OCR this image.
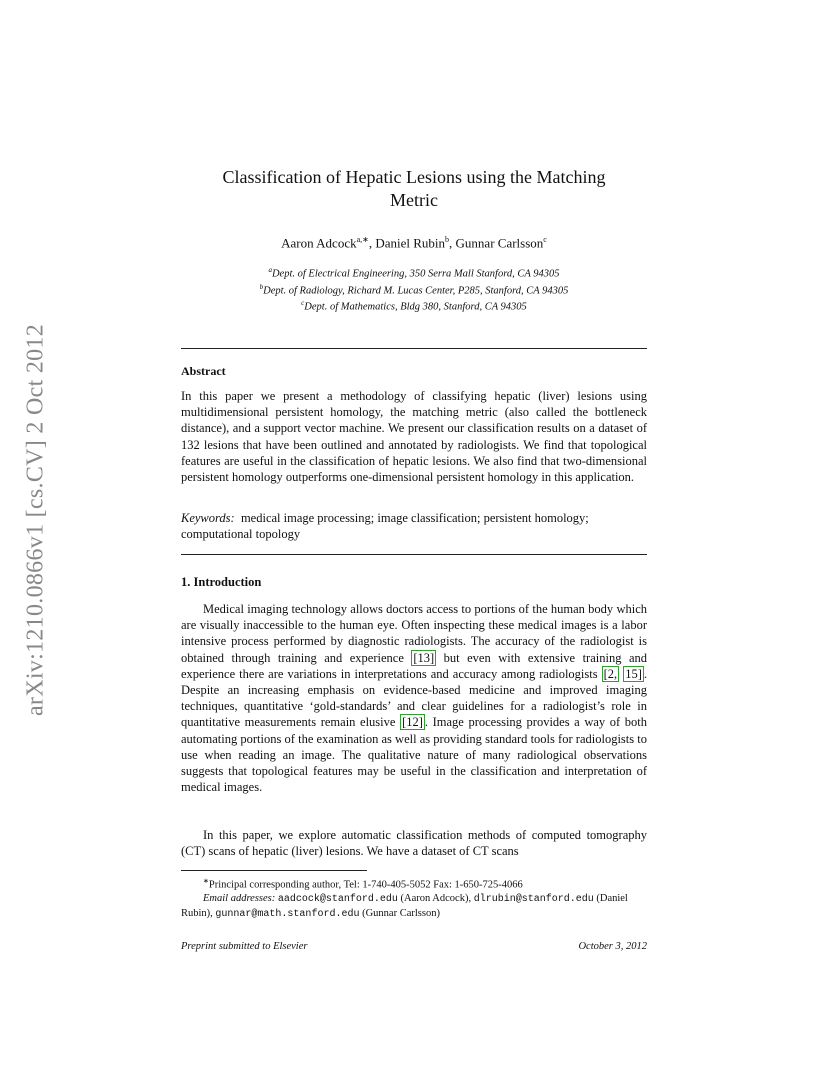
arXiv:1210.0866v1 [cs.CV] 2 Oct 2012
Classification of Hepatic Lesions using the Matching
Metric
Aaron Adcock$^{a,∗}$, Daniel Rubin$^b$, Gunnar Carlsson$^c$
$^a$Dept. of Electrical Engineering, 350 Serra Mall Stanford, CA 94305
$^b$Dept. of Radiology, Richard M. Lucas Center, P285, Stanford, CA 94305
$^c$Dept. of Mathematics, Bldg 380, Stanford, CA 94305
Abstract
In this paper we present a methodology of classifying hepatic (liver) lesions using multidimensional persistent homology, the matching metric (also called the bottleneck distance), and a support vector machine. We present our classification results on a dataset of 132 lesions that have been outlined and annotated by radiologists. We find that topological features are useful in the classification of hepatic lesions. We also find that two-dimensional persistent homology outperforms one-dimensional persistent homology in this application.
Keywords: medical image processing; image classification; persistent homology; computational topology
1. Introduction
Medical imaging technology allows doctors access to portions of the human body which are visually inaccessible to the human eye. Often inspecting these medical images is a labor intensive process performed by diagnostic radiologists. The accuracy of the radiologist is obtained through training and experience [13] but even with extensive training and experience there are variations in interpretations and accuracy among radiologists [2, 15] . Despite an increasing emphasis on evidence-based medicine and improved imaging techniques, quantitative ‘gold-standards’ and clear guidelines for a radiologist’s role in quantitative measurements remain elusive [12] . Image processing provides a way of both automating portions of the examination as well as providing standard tools for radiologists to use when reading an image. The qualitative nature of many radiological observations suggests that topological features may be useful in the classification and interpretation of medical images.
In this paper, we explore automatic classification methods of computed tomography (CT) scans of hepatic (liver) lesions. We have a dataset of CT scans
∗Principal corresponding author, Tel: 1-740-405-5052 Fax: 1-650-725-4066
Email addresses: aadcock@stanford.edu (Aaron Adcock), dlrubin@stanford.edu (Daniel Rubin), gunnar@math.stanford.edu (Gunnar Carlsson)
Preprint submitted to Elsevier	October 3, 2012
